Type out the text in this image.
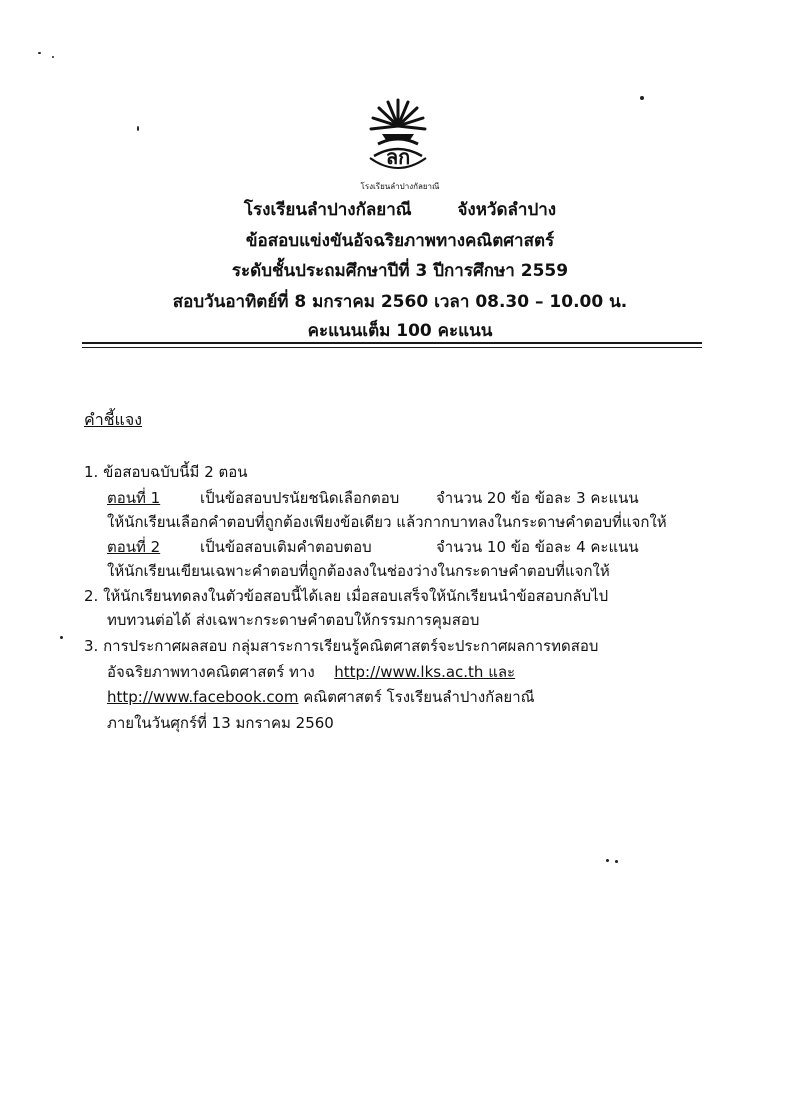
ลก
โรงเรียนลำปางกัลยาณี
โรงเรียนลำปางกัลยาณี	จังหวัดลำปาง
ข้อสอบแข่งขันอัจฉริยภาพทางคณิตศาสตร์
ระดับชั้นประถมศึกษาปีที่ 3 ปีการศึกษา 2559
สอบวันอาทิตย์ที่ 8 มกราคม 2560 เวลา 08.30 – 10.00 น.
คะแนนเต็ม 100 คะแนน
คำชี้แจง
1. ข้อสอบฉบับนี้มี 2 ตอน
ตอนที่ 1	เป็นข้อสอบปรนัยชนิดเลือกตอบ จำนวน 20 ข้อ ข้อละ 3 คะแนน
ให้นักเรียนเลือกคำตอบที่ถูกต้องเพียงข้อเดียว แล้วกากบาทลงในกระดาษคำตอบที่แจกให้
ตอนที่ 2	เป็นข้อสอบเติมคำตอบตอบ	จำนวน 10 ข้อ ข้อละ 4 คะแนน
ให้นักเรียนเขียนเฉพาะคำตอบที่ถูกต้องลงในช่องว่างในกระดาษคำตอบที่แจกให้
2. ให้นักเรียนทดลงในตัวข้อสอบนี้ได้เลย เมื่อสอบเสร็จให้นักเรียนนำข้อสอบกลับไป
ทบทวนต่อได้ ส่งเฉพาะกระดาษคำตอบให้กรรมการคุมสอบ
3. การประกาศผลสอบ กลุ่มสาระการเรียนรู้คณิตศาสตร์จะประกาศผลการทดสอบ
อัจฉริยภาพทางคณิตศาสตร์ ทาง http://www.lks.ac.th และ
http://www.facebook.com คณิตศาสตร์ โรงเรียนลำปางกัลยาณี
ภายในวันศุกร์ที่ 13 มกราคม 2560
